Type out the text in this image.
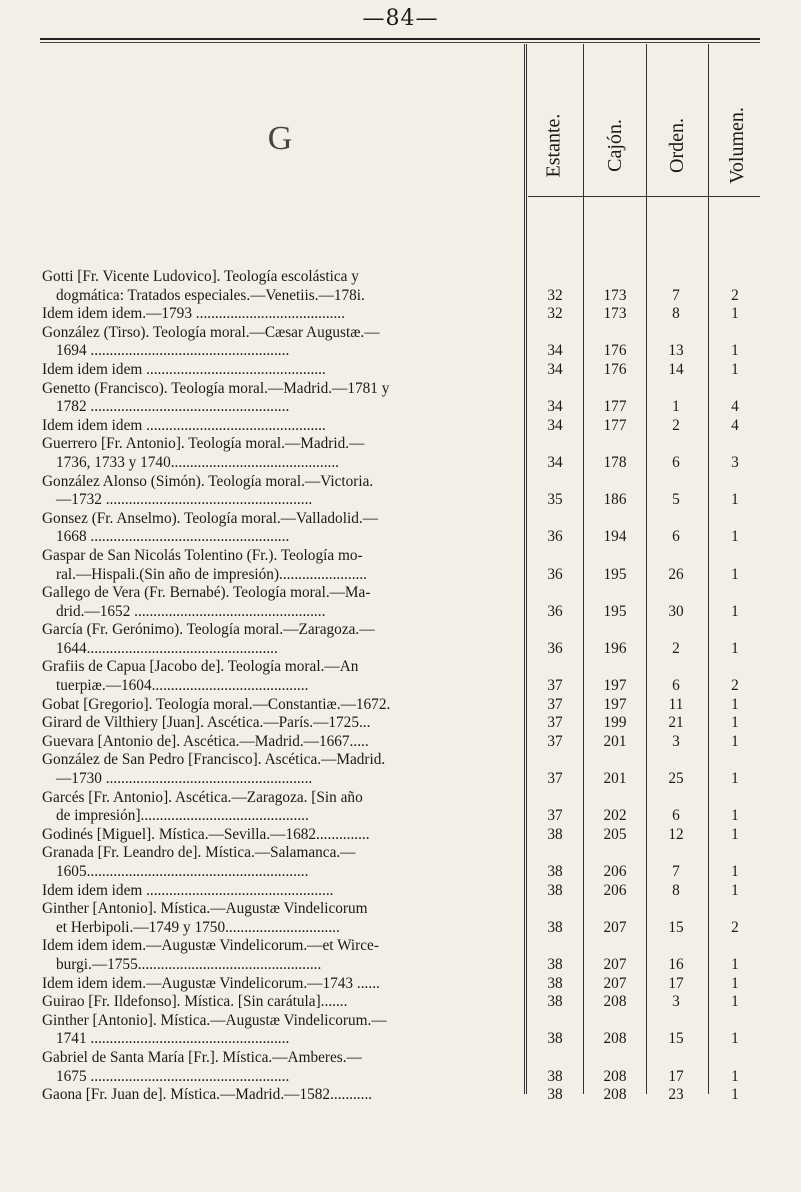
—84—
G	Estante. Cajón. Orden. Volumen.
Gotti [Fr. Vicente Ludovico]. Teología escolástica y
dogmática: Tratados especiales.—Venetiis.—178i.	32	173	7	2
Idem idem idem.—1793 .......................................	32	173	8	1
González (Tirso). Teología moral.—Cæsar Augustæ.—
1694 ....................................................	34	176	13	1
Idem idem idem ...............................................	34	176	14	1
Genetto (Francisco). Teología moral.—Madrid.—1781 y
1782 ....................................................	34	177	1	4
Idem idem idem ...............................................	34	177	2	4
Guerrero [Fr. Antonio]. Teología moral.—Madrid.—
1736, 1733 y 1740............................................	34	178	6	3
González Alonso (Simón). Teología moral.—Victoria.
—1732 ......................................................	35	186	5	1
Gonsez (Fr. Anselmo). Teología moral.—Valladolid.—
1668 ....................................................	36	194	6	1
Gaspar de San Nicolás Tolentino (Fr.). Teología mo-
ral.—Hispali.(Sin año de impresión).......................	36	195	26	1
Gallego de Vera (Fr. Bernabé). Teología moral.—Ma-
drid.—1652 ..................................................	36	195	30	1
García (Fr. Gerónimo). Teología moral.—Zaragoza.—
1644..................................................	36	196	2	1
Grafiis de Capua [Jacobo de]. Teología moral.—An
tuerpiæ.—1604.........................................	37	197	6	2
Gobat [Gregorio]. Teología moral.—Constantiæ.—1672.	37	197	11	1
Girard de Vilthiery [Juan]. Ascética.—París.—1725...	37	199	21	1
Guevara [Antonio de]. Ascética.—Madrid.—1667.....	37	201	3	1
González de San Pedro [Francisco]. Ascética.—Madrid.
—1730 ......................................................	37	201	25	1
Garcés [Fr. Antonio]. Ascética.—Zaragoza. [Sin año
de impresión]............................................	37	202	6	1
Godinés [Miguel]. Mística.—Sevilla.—1682..............	38	205	12	1
Granada [Fr. Leandro de]. Mística.—Salamanca.—
1605..........................................................	38	206	7	1
Idem idem idem .................................................	38	206	8	1
Ginther [Antonio]. Mística.—Augustæ Vindelicorum
et Herbipoli.—1749 y 1750..............................	38	207	15	2
Idem idem idem.—Augustæ Vindelicorum.—et Wirce-
burgi.—1755................................................	38	207	16	1
Idem idem idem.—Augustæ Vindelicorum.—1743 ......	38	207	17	1
Guirao [Fr. Ildefonso]. Mística. [Sin carátula].......	38	208	3	1
Ginther [Antonio]. Mística.—Augustæ Vindelicorum.—
1741 ....................................................	38	208	15	1
Gabriel de Santa María [Fr.]. Mística.—Amberes.—
1675 ....................................................	38	208	17	1
Gaona [Fr. Juan de]. Mística.—Madrid.—1582...........	38	208	23	1
